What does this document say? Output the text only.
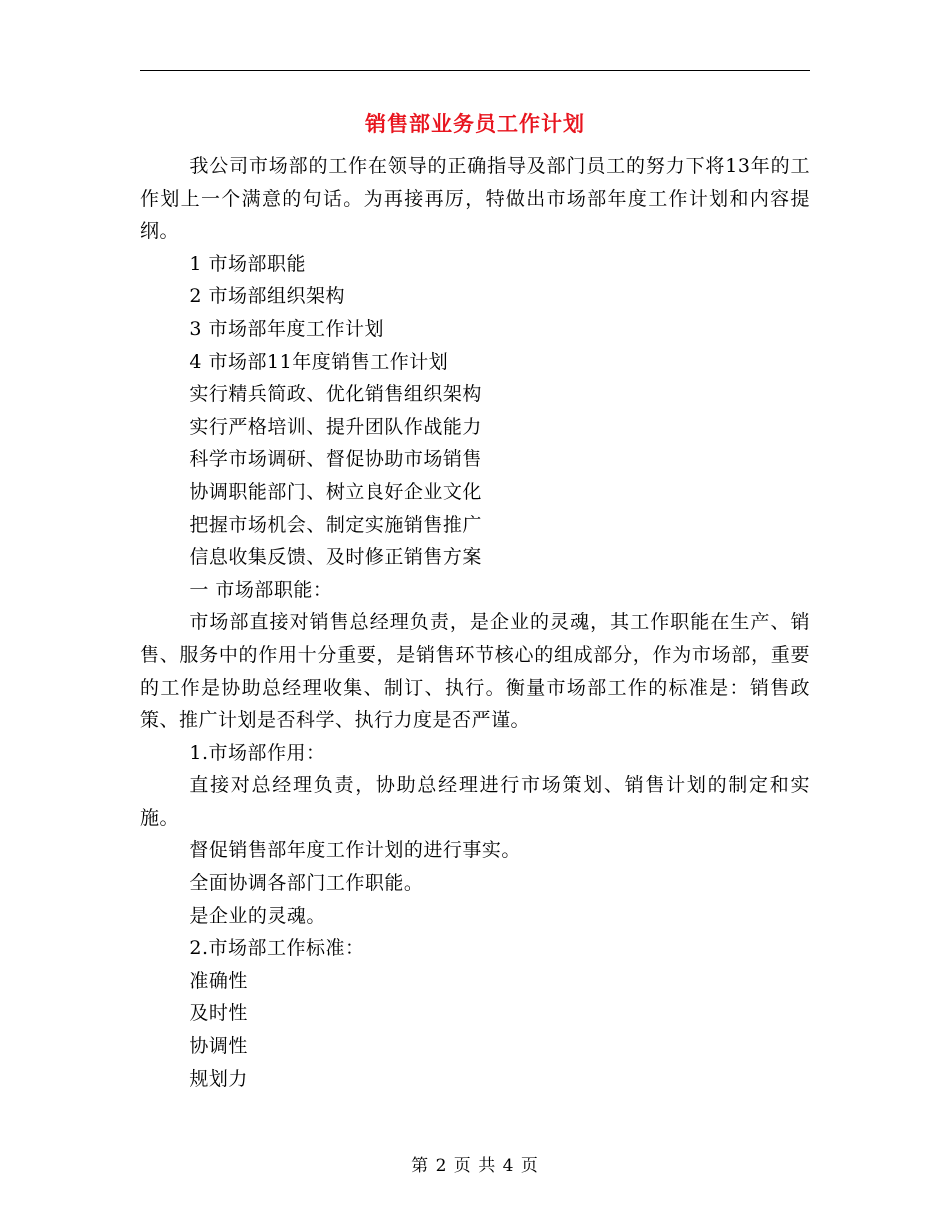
销售部业务员工作计划

我公司市场部的工作在领导的正确指导及部门员工的努力下将13年的工作划上一个满意的句话。为再接再厉，特做出市场部年度工作计划和内容提纲。

1 市场部职能

2 市场部组织架构

3 市场部年度工作计划

4 市场部11年度销售工作计划

实行精兵简政、优化销售组织架构

实行严格培训、提升团队作战能力

科学市场调研、督促协助市场销售

协调职能部门、树立良好企业文化

把握市场机会、制定实施销售推广

信息收集反馈、及时修正销售方案

一 市场部职能：

市场部直接对销售总经理负责，是企业的灵魂，其工作职能在生产、销售、服务中的作用十分重要，是销售环节核心的组成部分，作为市场部，重要的工作是协助总经理收集、制订、执行。衡量市场部工作的标准是：销售政策、推广计划是否科学、执行力度是否严谨。

1.市场部作用：

直接对总经理负责，协助总经理进行市场策划、销售计划的制定和实施。

督促销售部年度工作计划的进行事实。

全面协调各部门工作职能。

是企业的灵魂。

2.市场部工作标准：

准确性

及时性

协调性

规划力

第 2 页 共 4 页
